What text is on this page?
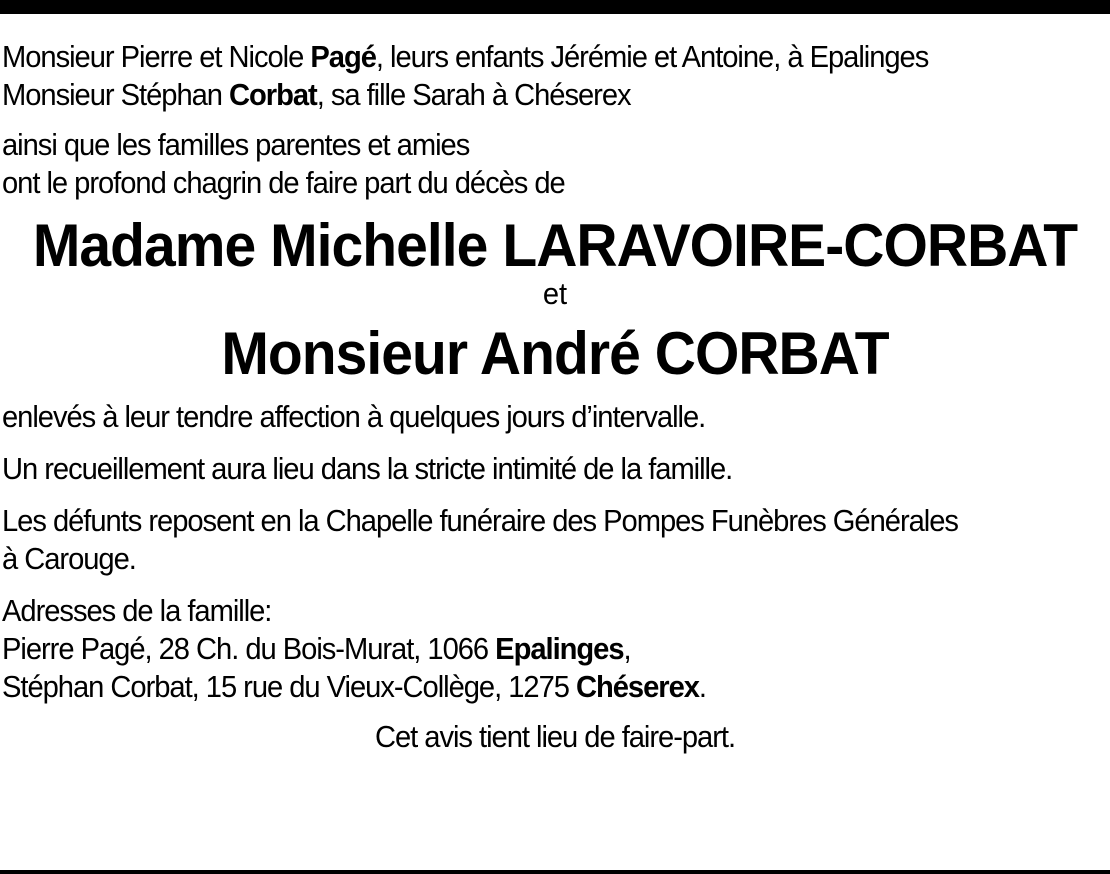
Monsieur Pierre et Nicole Pagé, leurs enfants Jérémie et Antoine, à Epalinges
Monsieur Stéphan Corbat, sa fille Sarah à Chéserex
ainsi que les familles parentes et amies
ont le profond chagrin de faire part du décès de
Madame Michelle LARAVOIRE-CORBAT
et
Monsieur André CORBAT
enlevés à leur tendre affection à quelques jours d’intervalle.
Un recueillement aura lieu dans la stricte intimité de la famille.
Les défunts reposent en la Chapelle funéraire des Pompes Funèbres Générales
à Carouge.
Adresses de la famille:
Pierre Pagé, 28 Ch. du Bois-Murat, 1066 Epalinges,
Stéphan Corbat, 15 rue du Vieux-Collège, 1275 Chéserex.
Cet avis tient lieu de faire-part.
